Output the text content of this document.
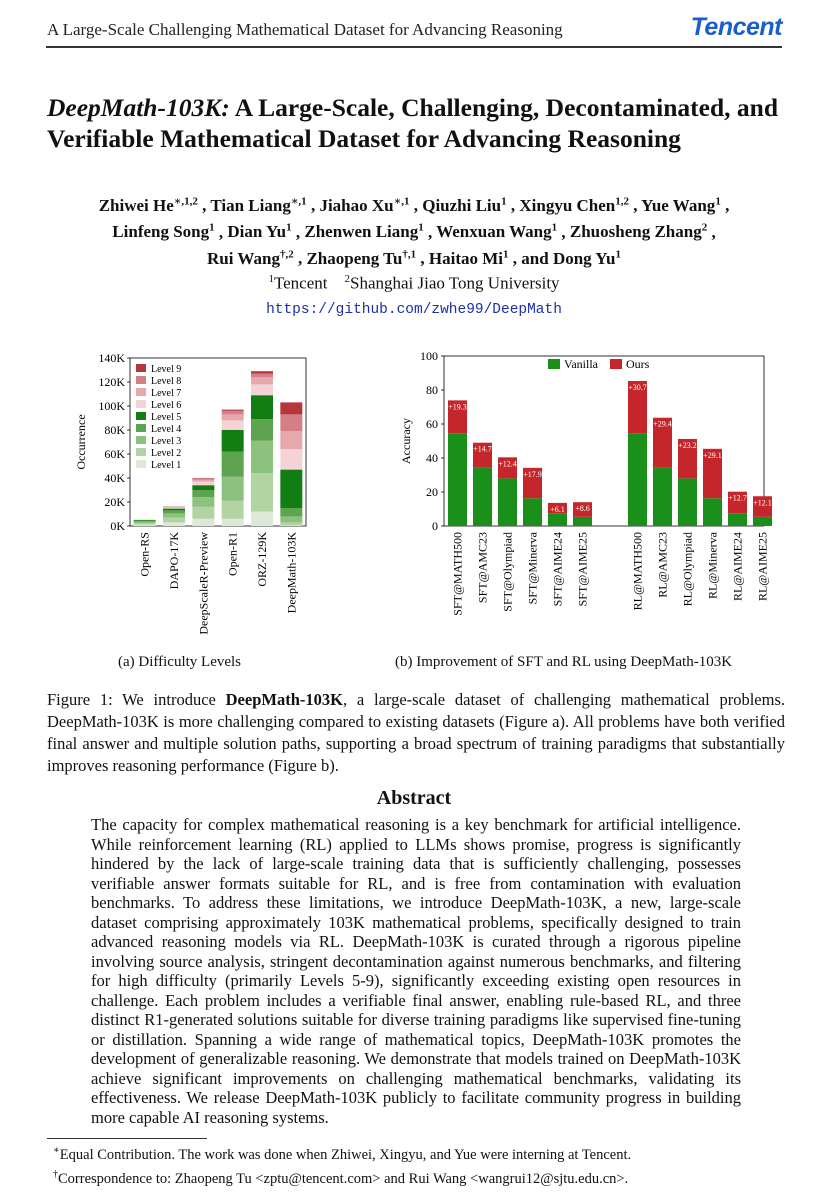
A Large-Scale Challenging Mathematical Dataset for Advancing Reasoning	Tencent
DeepMath-103K: A Large-Scale, Challenging, Decontaminated, and
Verifiable Mathematical Dataset for Advancing Reasoning
Zhiwei $He^{∗,1,2}$ , Tian Liang$^{∗,1}$ , Jiahao $Xu^{∗,1}$ , Qiuzhi Liu$^1$ , Xingyu Chen$^{1,2}$ , Yue Wang$^1$ ,
Linfeng Song$^1$ , Dian Yu$^1$ , Zhenwen Liang$^1$ , Wenxuan Wang$^1$ , Zhuosheng Zhang$^2$ ,
Rui Wang$^{\dagger,2}$ , Zhaopeng $Tu^{\dagger,1}$ , Haitao Mi$^1$ , and Dong Yu$^1$
$^1$Tencent $^2$Shanghai Jiao Tong University
https://github.com/zwhe99/DeepMath
0K
20K
40K
60K
80K
100K
120K
140K
Occurrence
Open-RS DAPO-17K DeepScaleR-Preview Open-R1 ORZ-129K DeepMath-103K
Level 9
Level 8
Level 7
Level 6
Level 5
Level 4
Level 3
Level 2
Level 1
0
20
40
60
80
100
Accuracy
+19.3
SFT@MATH500
+14.7
SFT@AMC23
+12.4
SFT@Olympiad
+17.9
SFT@Minerva
+6.1
SFT@AIME24
+8.6
SFT@AIME25
+30.7
RL@MATH500
+29.4
RL@AMC23
+23.2
RL@Olympiad
+29.1
RL@Minerva
+12.7
RL@AIME24
+12.1
RL@AIME25
Vanilla Ours
(a) Difficulty Levels	(b) Improvement of SFT and RL using DeepMath-103K
Figure 1: We introduce DeepMath-103K, a large-scale dataset of challenging mathematical problems. DeepMath-103K is more challenging compared to existing datasets (Figure a). All problems have both verified final answer and multiple solution paths, supporting a broad spectrum of training paradigms that substantially improves reasoning performance (Figure b).
Abstract
The capacity for complex mathematical reasoning is a key benchmark for artificial intelligence. While reinforcement learning (RL) applied to LLMs shows promise, progress is significantly hindered by the lack of large-scale training data that is sufficiently challenging, possesses verifiable answer formats suitable for RL, and is free from contamination with evaluation benchmarks. To address these limitations, we introduce DeepMath-103K, a new, large-scale dataset comprising approximately 103K mathematical problems, specifically designed to train advanced reasoning models via RL. DeepMath-103K is curated through a rigorous pipeline involving source analysis, stringent decontamination against numerous benchmarks, and filtering for high difficulty (primarily Levels 5-9), significantly exceeding existing open resources in challenge. Each problem includes a verifiable final answer, enabling rule-based RL, and three distinct R1-generated solutions suitable for diverse training paradigms like supervised fine-tuning or distillation. Spanning a wide range of mathematical topics, DeepMath-103K promotes the development of generalizable reasoning. We demonstrate that models trained on DeepMath-103K achieve significant improvements on challenging mathematical benchmarks, validating its effectiveness. We release DeepMath-103K publicly to facilitate community progress in building more capable AI reasoning systems.
∗Equal Contribution. The work was done when Zhiwei, Xingyu, and Yue were interning at Tencent.
†Correspondence to: Zhaopeng Tu <zptu@tencent.com> and Rui Wang <wangrui12@sjtu.edu.cn>.
